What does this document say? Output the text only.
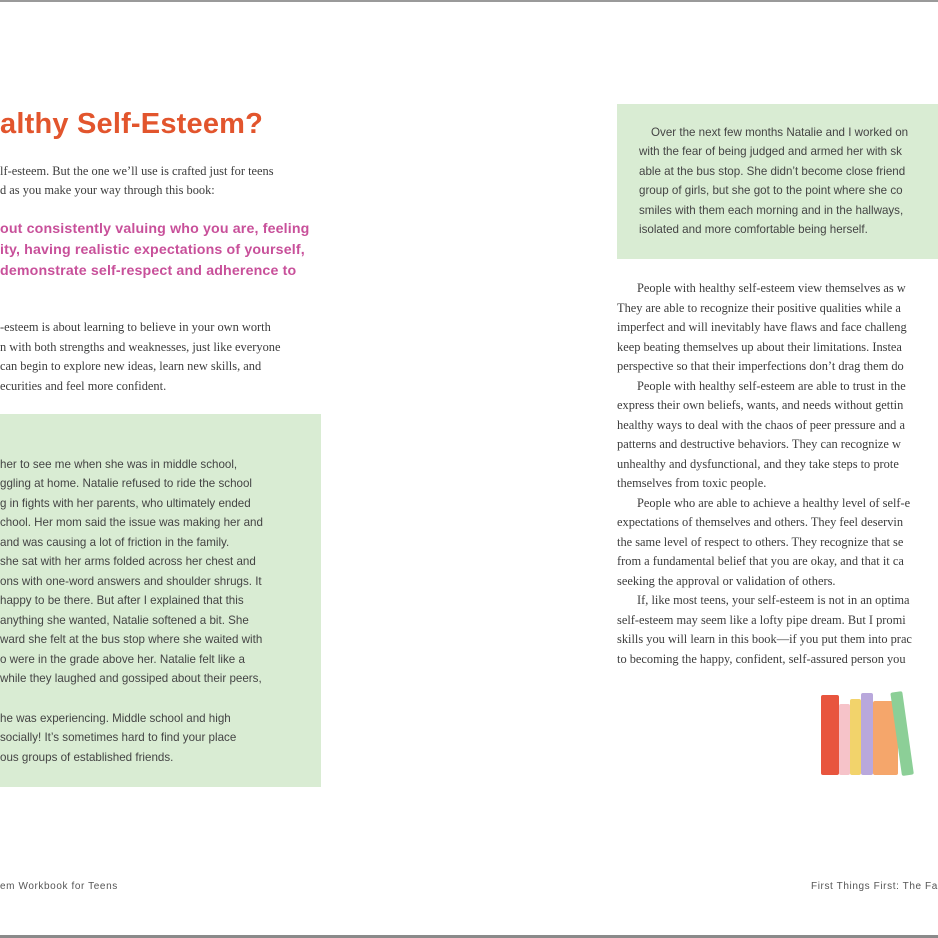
althy Self-Esteem?
lf-esteem. But the one we’ll use is crafted just for teens
d as you make your way through this book:
out consistently valuing who you are, feeling
ity, having realistic expectations of yourself,
demonstrate self-respect and adherence to
-esteem is about learning to believe in your own worth
n with both strengths and weaknesses, just like everyone
can begin to explore new ideas, learn new skills, and
ecurities and feel more confident.
her to see me when she was in middle school,
ggling at home. Natalie refused to ride the school
g in fights with her parents, who ultimately ended
chool. Her mom said the issue was making her and
and was causing a lot of friction in the family.
she sat with her arms folded across her chest and
ons with one-word answers and shoulder shrugs. It
happy to be there. But after I explained that this
anything she wanted, Natalie softened a bit. She
ward she felt at the bus stop where she waited with
o were in the grade above her. Natalie felt like a
while they laughed and gossiped about their peers,
he was experiencing. Middle school and high
socially! It’s sometimes hard to find your place
ous groups of established friends.
em Workbook for Teens
Over the next few months Natalie and I worked on
with the fear of being judged and armed her with sk
able at the bus stop. She didn’t become close friend
group of girls, but she got to the point where she co
smiles with them each morning and in the hallways,
isolated and more comfortable being herself.
People with healthy self-esteem view themselves as w
They are able to recognize their positive qualities while a
imperfect and will inevitably have flaws and face challeng
keep beating themselves up about their limitations. Instea
perspective so that their imperfections don’t drag them do
People with healthy self-esteem are able to trust in the
express their own beliefs, wants, and needs without gettin
healthy ways to deal with the chaos of peer pressure and a
patterns and destructive behaviors. They can recognize w
unhealthy and dysfunctional, and they take steps to prote
themselves from toxic people.
People who are able to achieve a healthy level of self-e
expectations of themselves and others. They feel deservin
the same level of respect to others. They recognize that se
from a fundamental belief that you are okay, and that it ca
seeking the approval or validation of others.
If, like most teens, your self-esteem is not in an optima
self-esteem may seem like a lofty pipe dream. But I promi
skills you will learn in this book—if you put them into prac
to becoming the happy, confident, self-assured person you
First Things First: The Fa
